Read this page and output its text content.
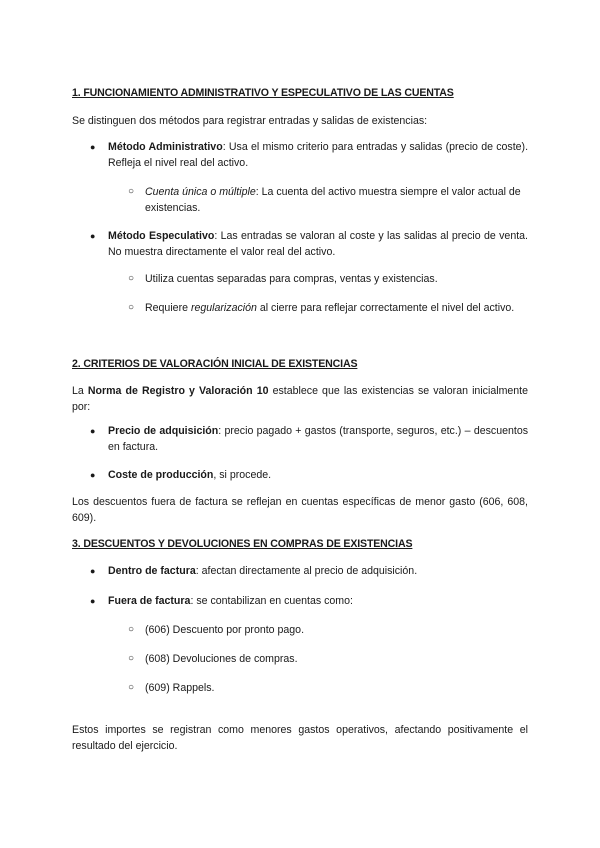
1. FUNCIONAMIENTO ADMINISTRATIVO Y ESPECULATIVO DE LAS CUENTAS
Se distinguen dos métodos para registrar entradas y salidas de existencias:
● Método Administrativo: Usa el mismo criterio para entradas y salidas (precio de coste). Refleja el nivel real del activo.
○ Cuenta única o múltiple: La cuenta del activo muestra siempre el valor actual de existencias.
● Método Especulativo: Las entradas se valoran al coste y las salidas al precio de venta. No muestra directamente el valor real del activo.
○ Utiliza cuentas separadas para compras, ventas y existencias.
○ Requiere regularización al cierre para reflejar correctamente el nivel del activo.
2. CRITERIOS DE VALORACIÓN INICIAL DE EXISTENCIAS
La Norma de Registro y Valoración 10 establece que las existencias se valoran inicialmente por:
● Precio de adquisición: precio pagado + gastos (transporte, seguros, etc.) – descuentos en factura.
● Coste de producción, si procede.
Los descuentos fuera de factura se reflejan en cuentas específicas de menor gasto (606, 608, 609).
3. DESCUENTOS Y DEVOLUCIONES EN COMPRAS DE EXISTENCIAS
● Dentro de factura: afectan directamente al precio de adquisición.
● Fuera de factura: se contabilizan en cuentas como:
○ (606) Descuento por pronto pago.
○ (608) Devoluciones de compras.
○ (609) Rappels.
Estos importes se registran como menores gastos operativos, afectando positivamente el resultado del ejercicio.
